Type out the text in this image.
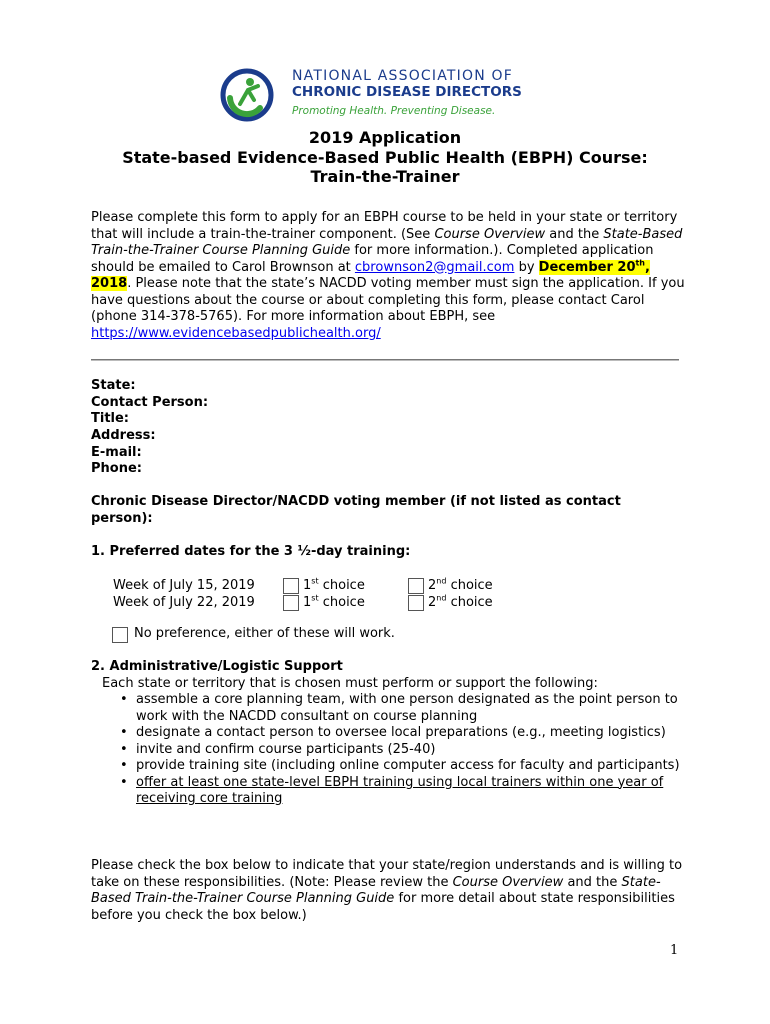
NATIONAL ASSOCIATION OF
CHRONIC DISEASE DIRECTORS
Promoting Health. Preventing Disease.
2019 Application
State-based Evidence-Based Public Health (EBPH) Course:
Train-the-Trainer
Please complete this form to apply for an EBPH course to be held in your state or territory that will include a train-the-trainer component. (See Course Overview and the State-Based Train-the-Trainer Course Planning Guide for more information.). Completed application should be emailed to Carol Brownson at cbrownson2@gmail.com by December 20th, 2018. Please note that the state’s NACDD voting member must sign the application. If you have questions about the course or about completing this form, please contact Carol (phone 314-378-5765). For more information about EBPH, see https://www.evidencebasedpublichealth.org/
State:
Contact Person:
Title:
Address:
E-mail:
Phone:
Chronic Disease Director/NACDD voting member (if not listed as contact person):
1. Preferred dates for the 3 ½-day training:
Week of July 15, 2019	1st choice	2nd choice
Week of July 22, 2019	1st choice	2nd choice
No preference, either of these will work.
2. Administrative/Logistic Support
Each state or territory that is chosen must perform or support the following:
• assemble a core planning team, with one person designated as the point person to work with the NACDD consultant on course planning
• designate a contact person to oversee local preparations (e.g., meeting logistics)
• invite and confirm course participants (25-40)
• provide training site (including online computer access for faculty and participants)
• offer at least one state-level EBPH training using local trainers within one year of receiving core training
Please check the box below to indicate that your state/region understands and is willing to take on these responsibilities. (Note: Please review the Course Overview and the State-Based Train-the-Trainer Course Planning Guide for more detail about state responsibilities before you check the box below.)
1
